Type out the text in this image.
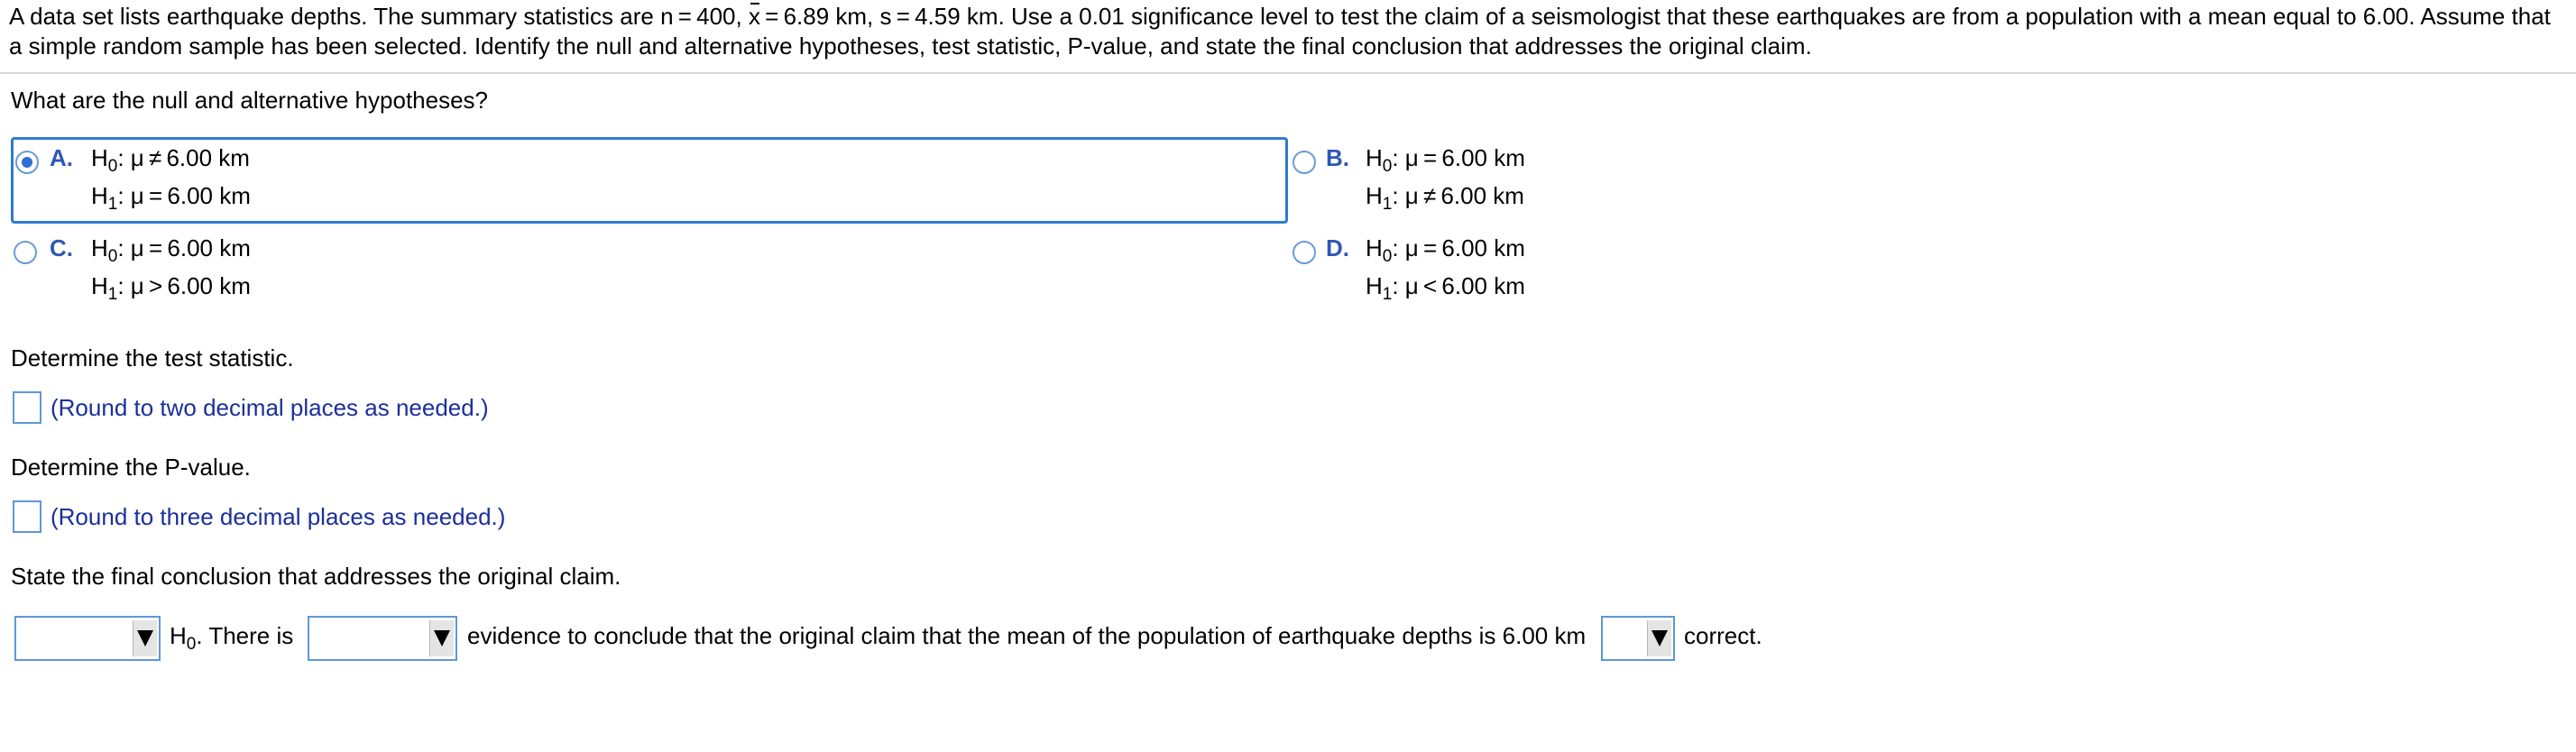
A data set lists earthquake depths. The summary statistics are n = 400, x = 6.89 km, s = 4.59 km. Use a 0.01 significance level to test the claim of a seismologist that these earthquakes are from a population with a mean equal to 6.00. Assume that a simple random sample has been selected. Identify the null and alternative hypotheses, test statistic, P-value, and state the final conclusion that addresses the original claim.
What are the null and alternative hypotheses?
A. $H_0$: μ ≠ 6.00 km
$H_1$: μ = 6.00 km
B. $H_0$: μ = 6.00 km
$H_1$: μ ≠ 6.00 km
C. $H_0$: μ = 6.00 km
$H_1$: μ > 6.00 km
D. $H_0$: μ = 6.00 km
$H_1$: μ < 6.00 km
Determine the test statistic.
(Round to two decimal places as needed.)
Determine the P-value.
(Round to three decimal places as needed.)
State the final conclusion that addresses the original claim.
$H_0$. There is	evidence to conclude that the original claim that the mean of the population of earthquake depths is 6.00 km	correct.
